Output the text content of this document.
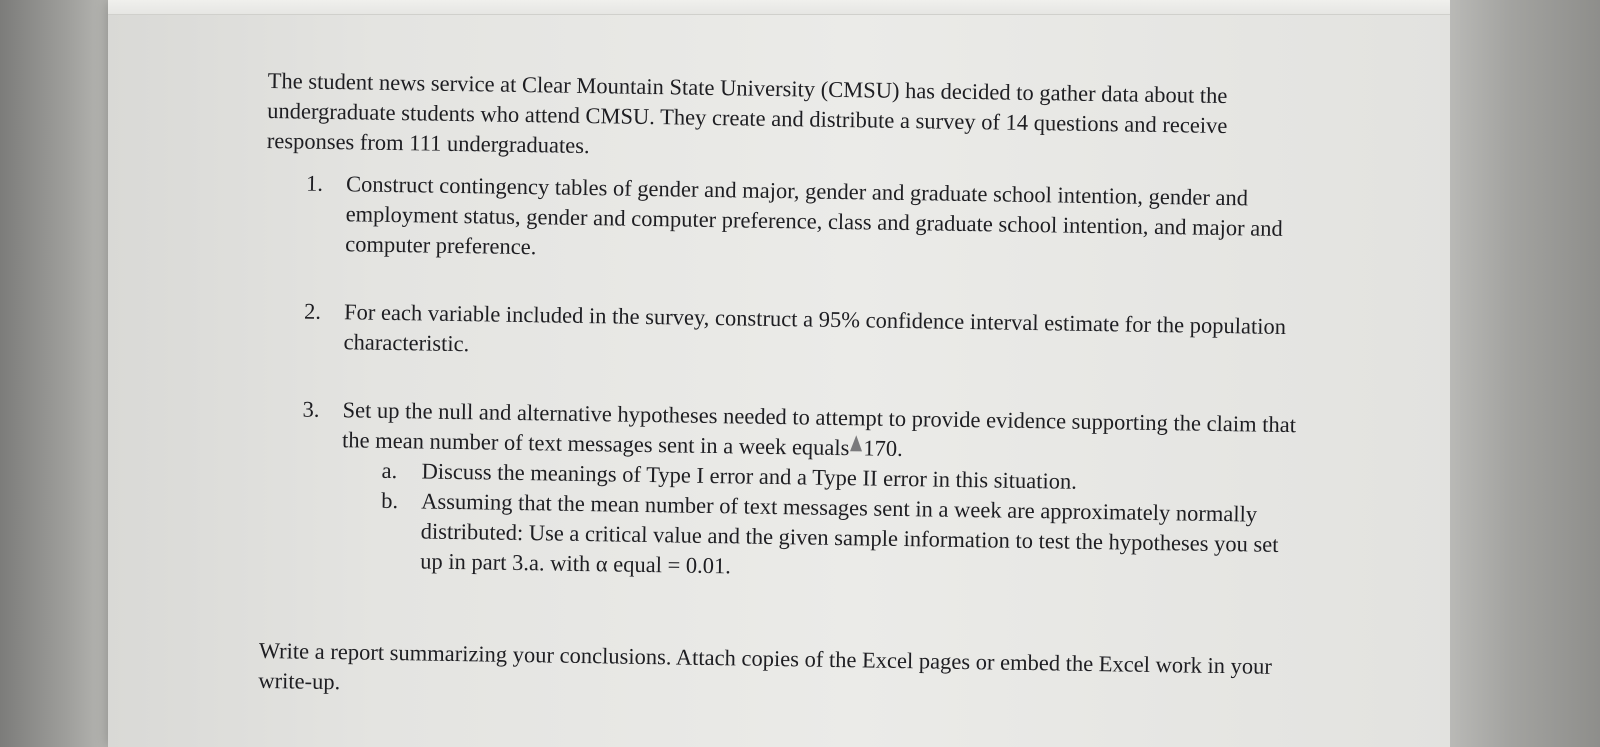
The student news service at Clear Mountain State University (CMSU) has decided to gather data about the undergraduate students who attend CMSU. They create and distribute a survey of 14 questions and receive responses from 111 undergraduates.

1. Construct contingency tables of gender and major, gender and graduate school intention, gender and employment status, gender and computer preference, class and graduate school intention, and major and computer preference.
2. For each variable included in the survey, construct a 95% confidence interval estimate for the population characteristic.
3. Set up the null and alternative hypotheses needed to attempt to provide evidence supporting the claim that the mean number of text messages sent in a week equals 170.
a. Discuss the meanings of Type I error and a Type II error in this situation.
b. Assuming that the mean number of text messages sent in a week are approximately normally distributed: Use a critical value and the given sample information to test the hypotheses you set up in part 3.a. with α equal = 0.01.

Write a report summarizing your conclusions. Attach copies of the Excel pages or embed the Excel work in your write-up.
